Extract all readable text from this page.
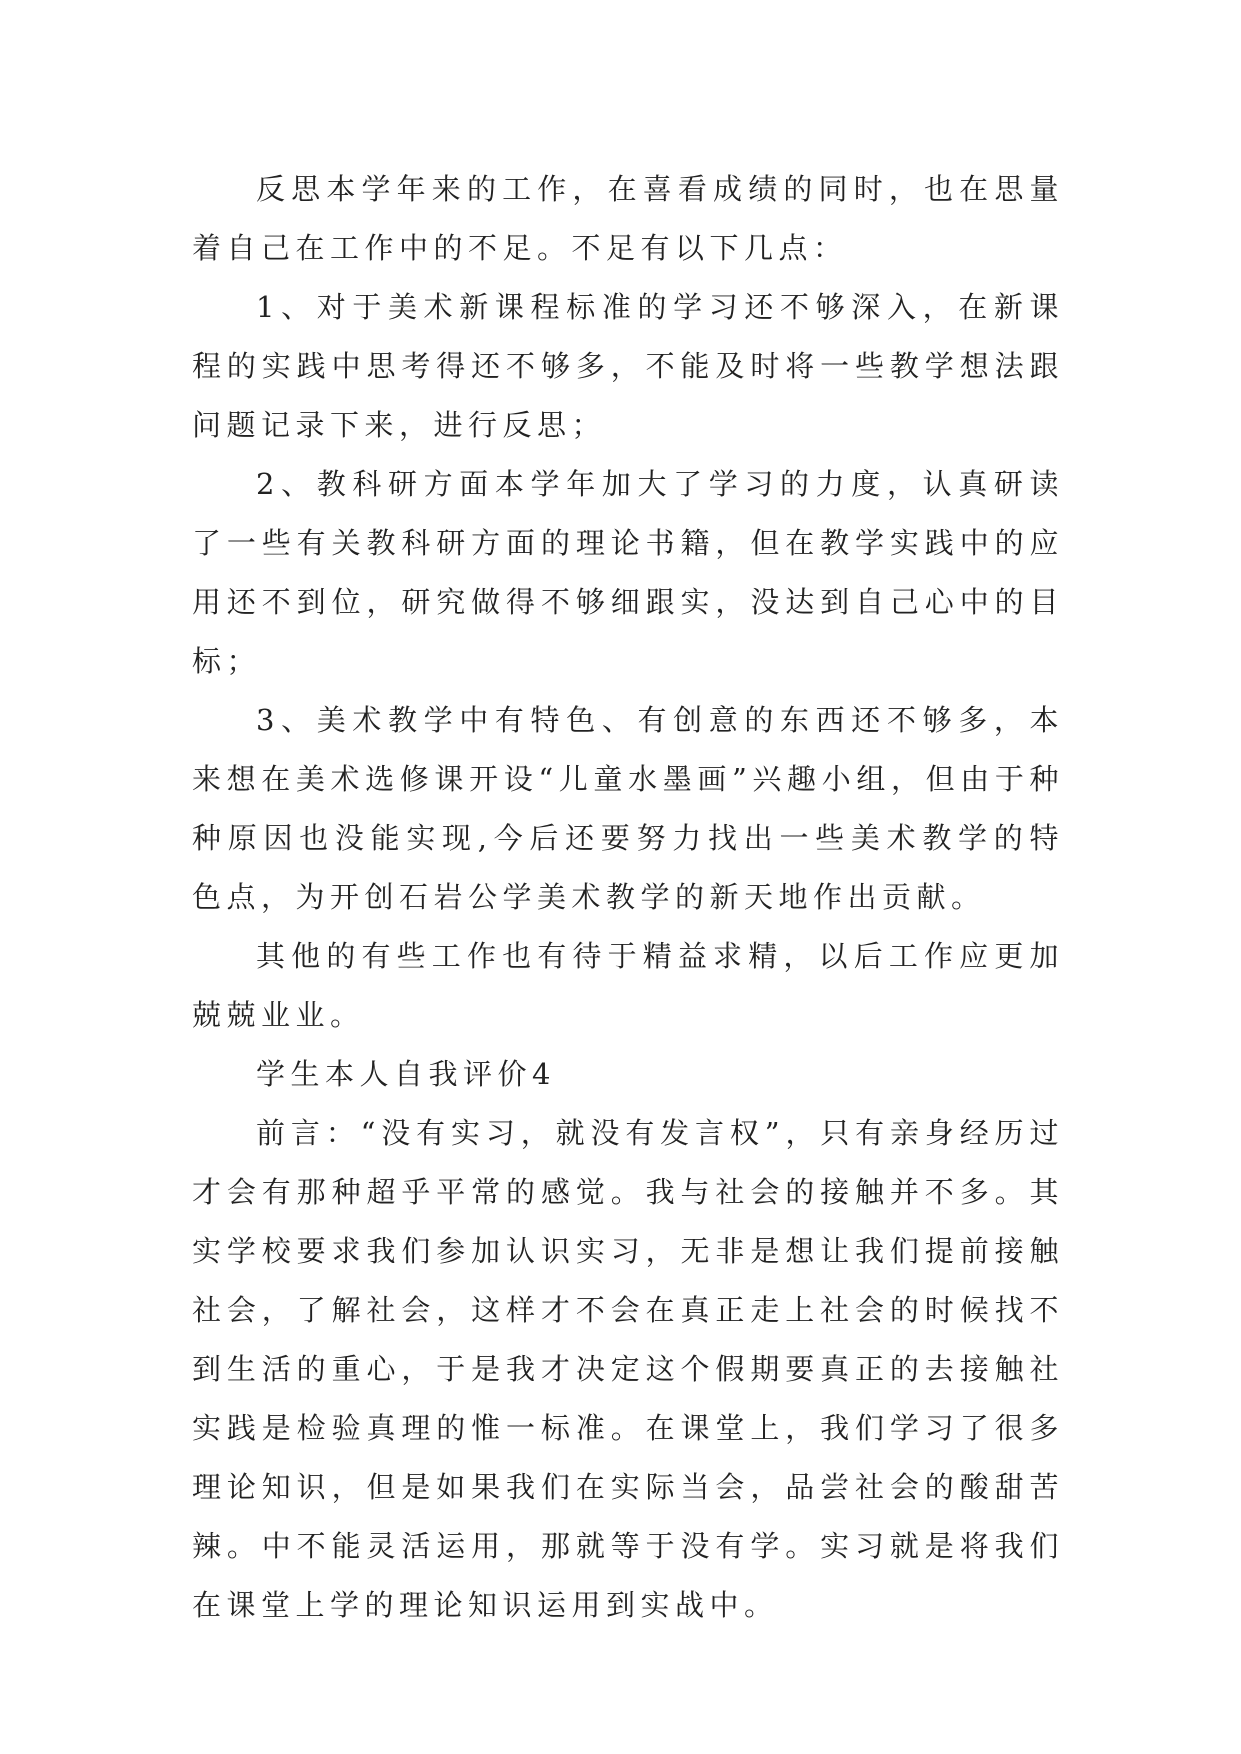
反思本学年来的工作，在喜看成绩的同时，也在思量着自己在工作中的不足。不足有以下几点：

1、对于美术新课程标准的学习还不够深入，在新课程的实践中思考得还不够多，不能及时将一些教学想法跟问题记录下来，进行反思；

2、教科研方面本学年加大了学习的力度，认真研读了一些有关教科研方面的理论书籍，但在教学实践中的应用还不到位，研究做得不够细跟实，没达到自己心中的目标；

3、美术教学中有特色、有创意的东西还不够多，本来想在美术选修课开设“儿童水墨画”兴趣小组，但由于种种原因也没能实现,今后还要努力找出一些美术教学的特色点，为开创石岩公学美术教学的新天地作出贡献。

其他的有些工作也有待于精益求精，以后工作应更加兢兢业业。

学生本人自我评价4

前言：“没有实习，就没有发言权”，只有亲身经历过才会有那种超乎平常的感觉。我与社会的接触并不多。其实学校要求我们参加认识实习，无非是想让我们提前接触社会，了解社会，这样才不会在真正走上社会的时候找不到生活的重心，于是我才决定这个假期要真正的去接触社实践是检验真理的惟一标准。在课堂上，我们学习了很多理论知识，但是如果我们在实际当会，品尝社会的酸甜苦辣。中不能灵活运用，那就等于没有学。实习就是将我们在课堂上学的理论知识运用到实战中。
